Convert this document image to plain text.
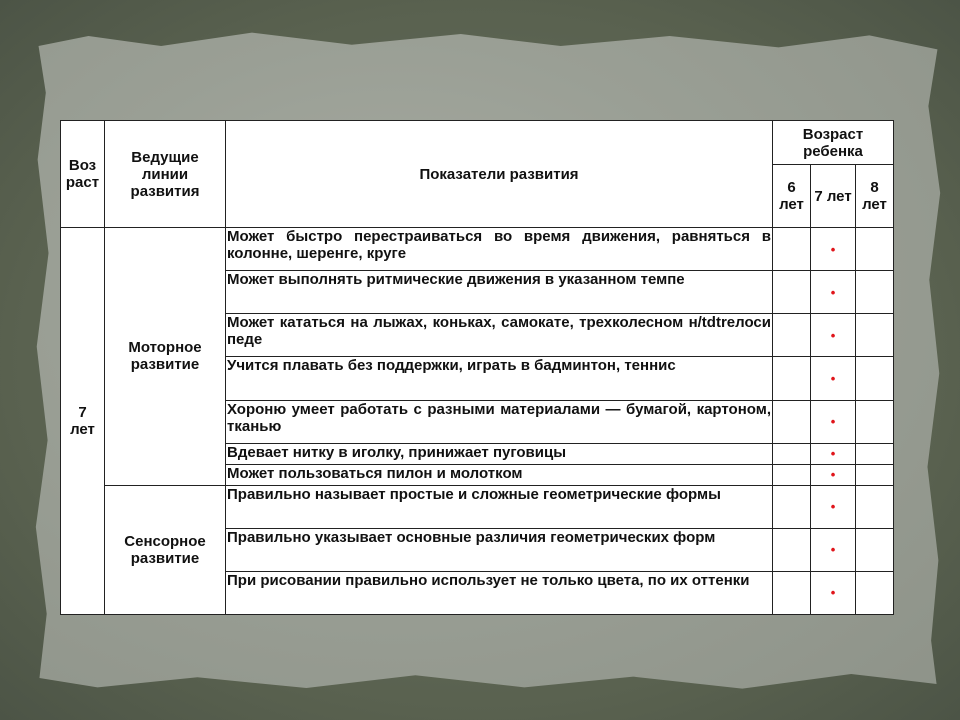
Воз раст	Ведущие линии развития	Показатели развития	Возраст ребенка		
			6 лет	7 лет	8 лет
7 лет	Моторное развитие	Может быстро перестраиваться во время движения, равняться в колонне, шеренге, круге		•	
		Может выполнять ритмические движения в указанном темпе		•	
		Может кататься на лыжах, коньках, самокате, трехколесном н/tdtrелоси педе		•	
		Учится плавать без поддержки, играть в бадминтон, теннис		•	
		Хороню умеет работать с разными материалами — бумагой, картоном, тканью		•	
		Вдевает нитку в иголку, принижает пуговицы		•	
		Может пользоваться пилон и молотком		•	
	Сенсорное развитие	Правильно называет простые и сложные геометрические формы		•	
		Правильно указывает основные различия геометрических форм		•	
		При рисовании правильно использует не только цвета, по их оттенки		•	
